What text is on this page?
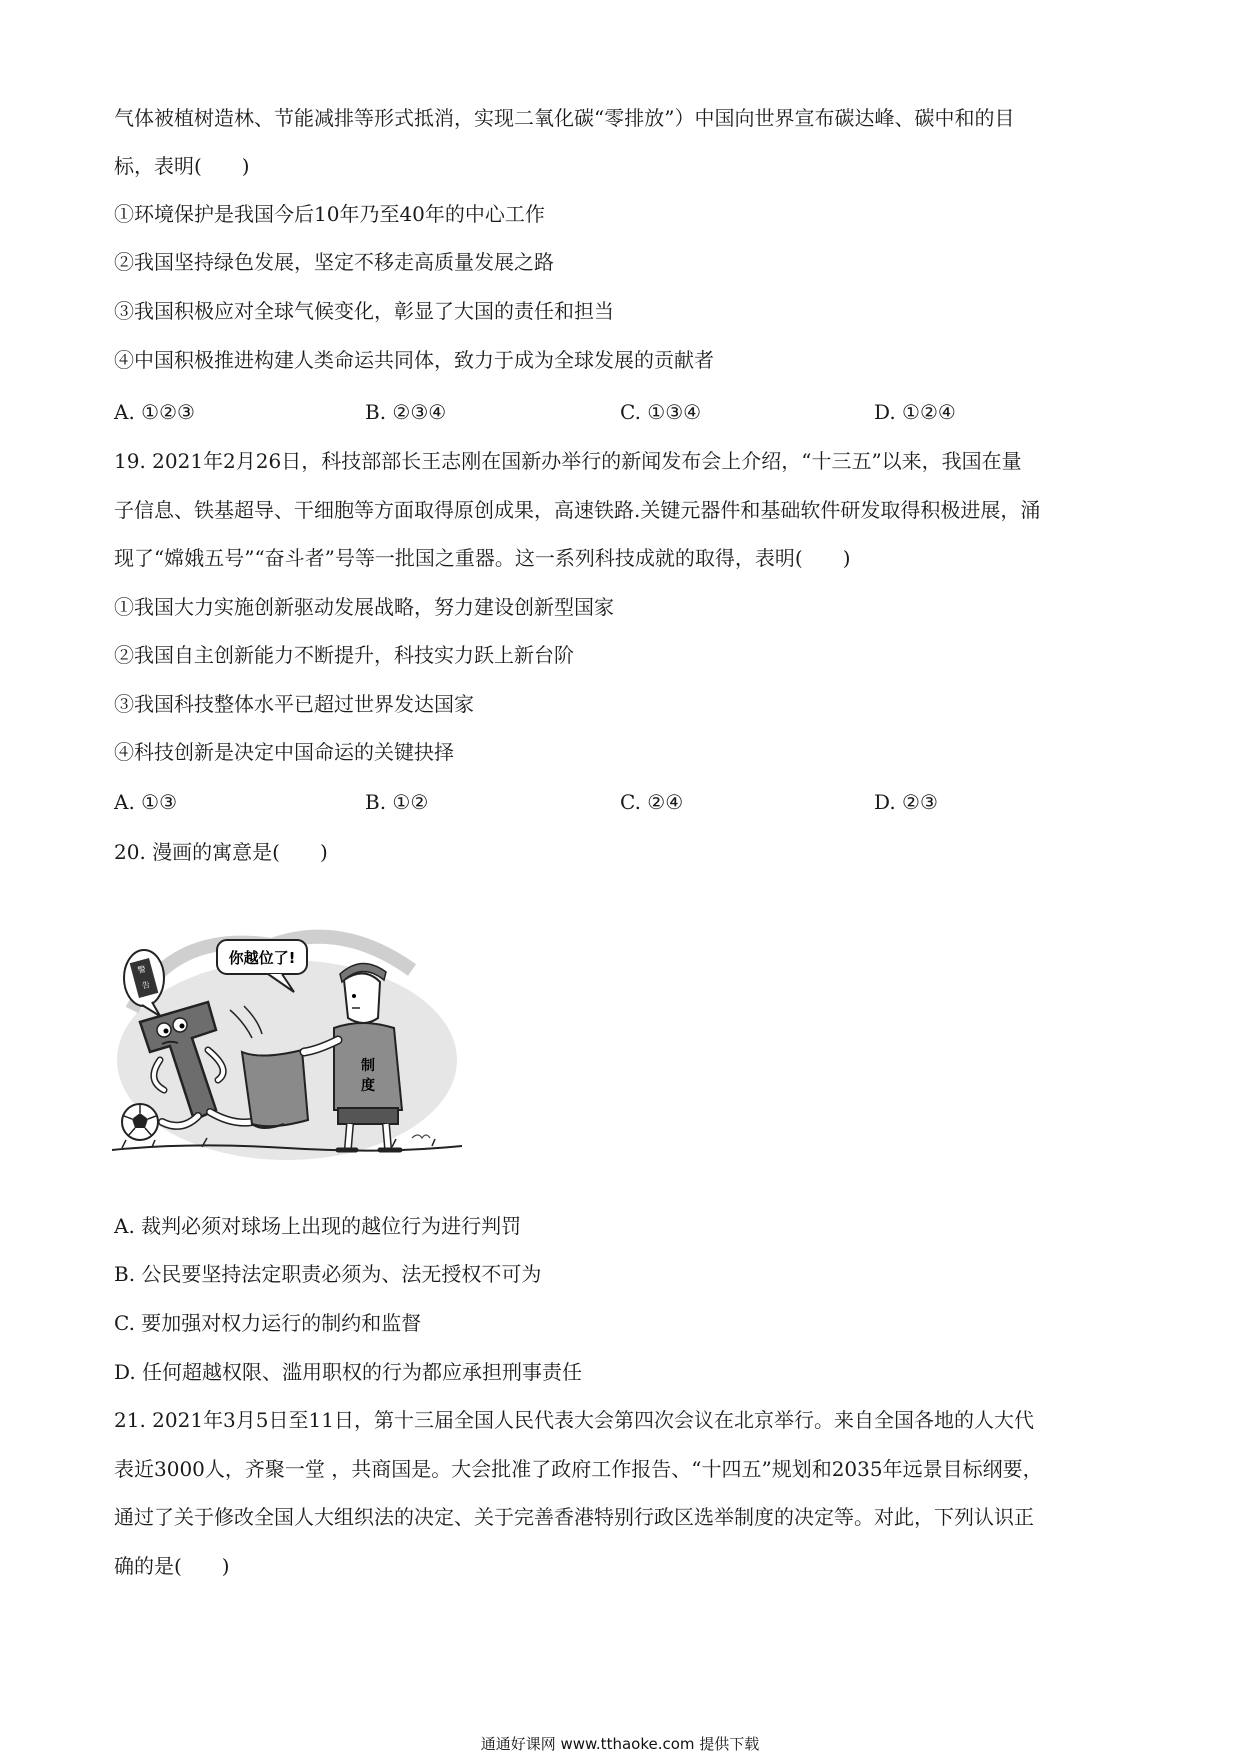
气体被植树造林、节能减排等形式抵消，实现二氧化碳“零排放”）中国向世界宣布碳达峰、碳中和的目
标，表明(　　)
①环境保护是我国今后10年乃至40年的中心工作
②我国坚持绿色发展，坚定不移走高质量发展之路
③我国积极应对全球气候变化，彰显了大国的责任和担当
④中国积极推进构建人类命运共同体，致力于成为全球发展的贡献者
A. ①②③	B. ②③④	C. ①③④	D. ①②④
19. 2021年2月26日，科技部部长王志刚在国新办举行的新闻发布会上介绍，“十三五”以来，我国在量
子信息、铁基超导、干细胞等方面取得原创成果，高速铁路.关键元器件和基础软件研发取得积极进展，涌
现了“嫦娥五号”“奋斗者”号等一批国之重器。这一系列科技成就的取得，表明(　　)
①我国大力实施创新驱动发展战略，努力建设创新型国家
②我国自主创新能力不断提升，科技实力跃上新台阶
③我国科技整体水平已超过世界发达国家
④科技创新是决定中国命运的关键抉择
A. ①③	B. ①②	C. ②④	D. ②③
20. 漫画的寓意是(　　)
警
告
你越位了!
制
度
A. 裁判必须对球场上出现的越位行为进行判罚
B. 公民要坚持法定职责必须为、法无授权不可为
C. 要加强对权力运行的制约和监督
D. 任何超越权限、滥用职权的行为都应承担刑事责任
21. 2021年3月5日至11日，第十三届全国人民代表大会第四次会议在北京举行。来自全国各地的人大代
表近3000人，齐聚一堂 ，共商国是。大会批准了政府工作报告、“十四五”规划和2035年远景目标纲要，
通过了关于修改全国人大组织法的决定、关于完善香港特别行政区选举制度的决定等。对此，下列认识正
确的是(　　)
通通好课网 www.tthaoke.com 提供下载
